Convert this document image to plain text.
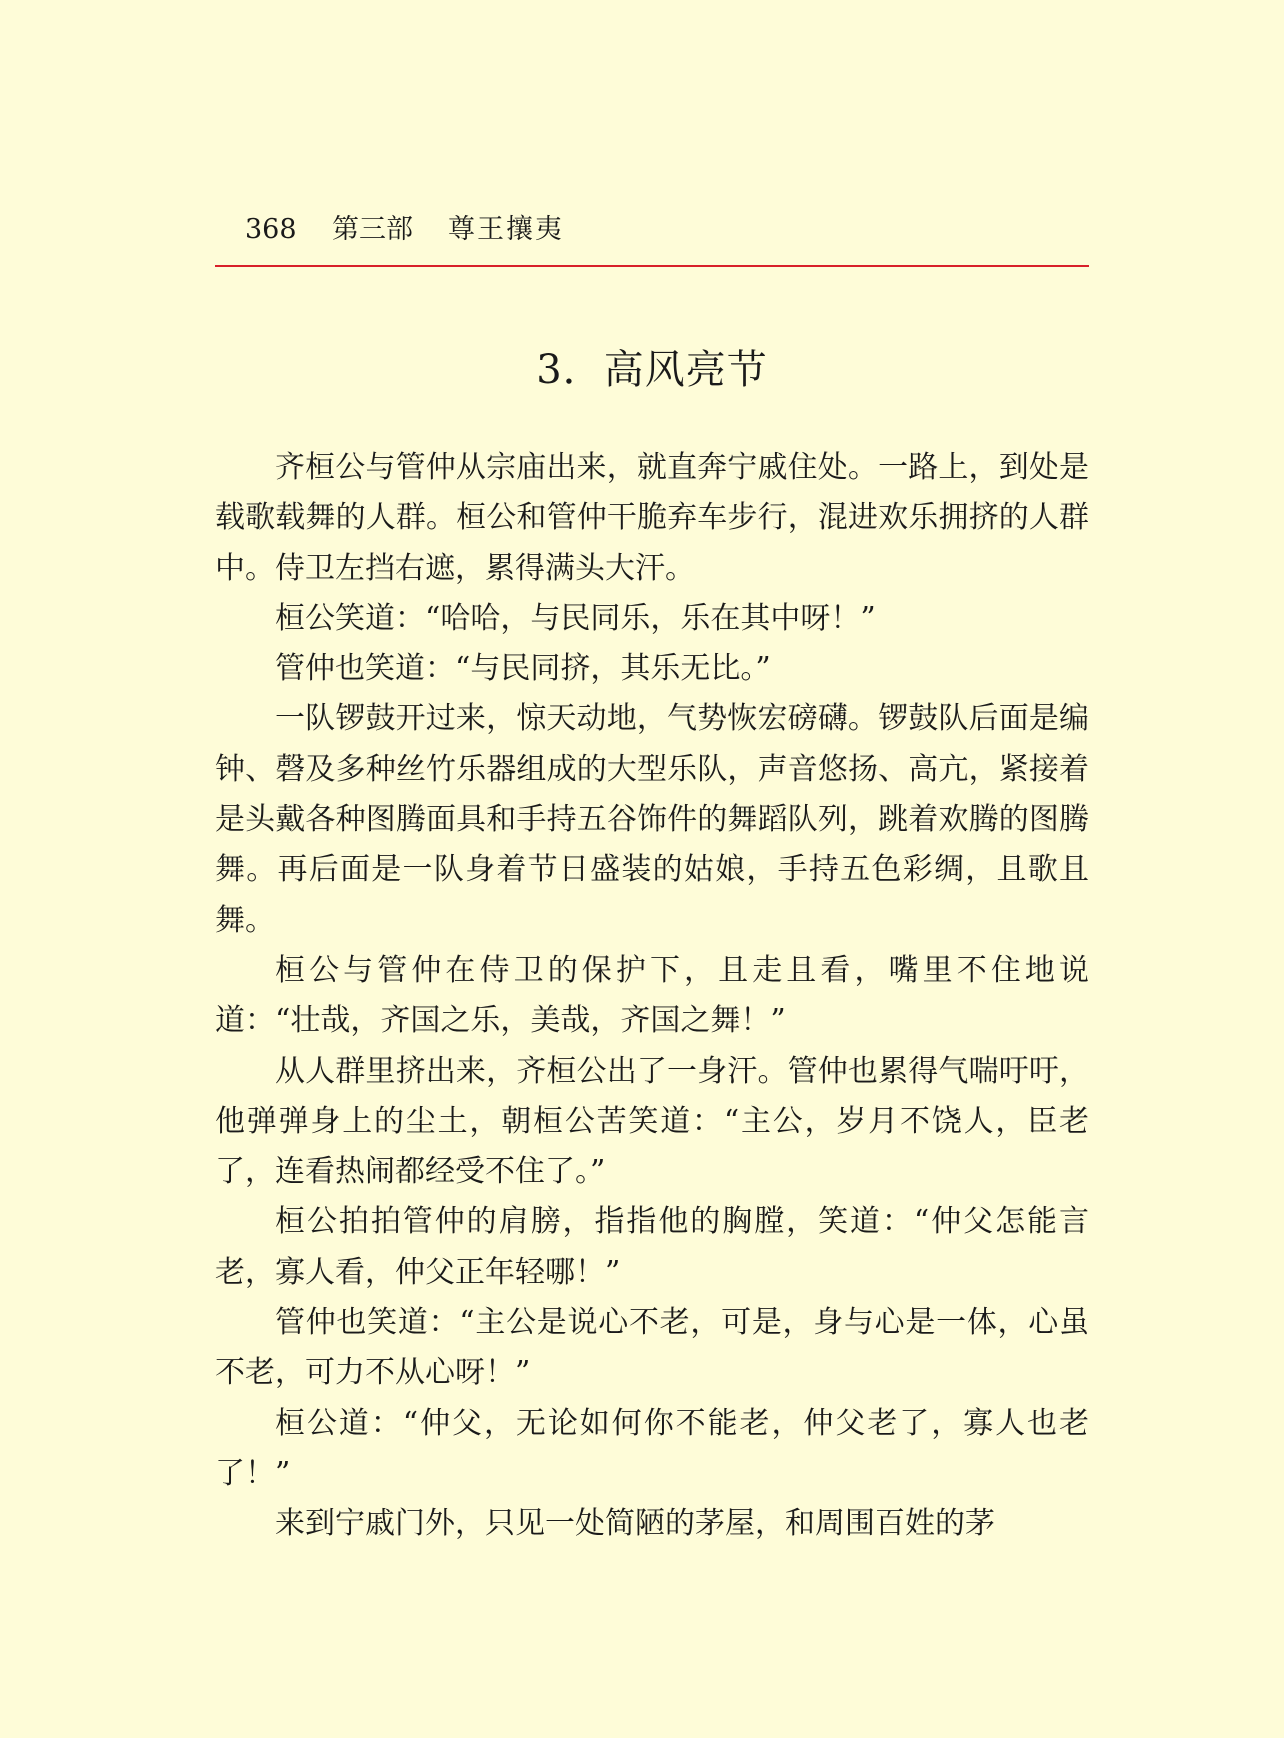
368 第三部 尊王攘夷
3．高风亮节

齐桓公与管仲从宗庙出来，就直奔宁戚住处。一路上，到处是载歌载舞的人群。桓公和管仲干脆弃车步行，混进欢乐拥挤的人群中。侍卫左挡右遮，累得满头大汗。

桓公笑道：“哈哈，与民同乐，乐在其中呀！”

管仲也笑道：“与民同挤，其乐无比。”

一队锣鼓开过来，惊天动地，气势恢宏磅礴。锣鼓队后面是编钟、磬及多种丝竹乐器组成的大型乐队，声音悠扬、高亢，紧接着是头戴各种图腾面具和手持五谷饰件的舞蹈队列，跳着欢腾的图腾舞。再后面是一队身着节日盛装的姑娘，手持五色彩绸，且歌且舞。

桓公与管仲在侍卫的保护下，且走且看，嘴里不住地说道：“壮哉，齐国之乐，美哉，齐国之舞！”

从人群里挤出来，齐桓公出了一身汗。管仲也累得气喘吁吁，他弹弹身上的尘土，朝桓公苦笑道：“主公，岁月不饶人，臣老了，连看热闹都经受不住了。”

桓公拍拍管仲的肩膀，指指他的胸膛，笑道：“仲父怎能言老，寡人看，仲父正年轻哪！”

管仲也笑道：“主公是说心不老，可是，身与心是一体，心虽不老，可力不从心呀！”

桓公道：“仲父，无论如何你不能老，仲父老了，寡人也老了！”

来到宁戚门外，只见一处简陋的茅屋，和周围百姓的茅
